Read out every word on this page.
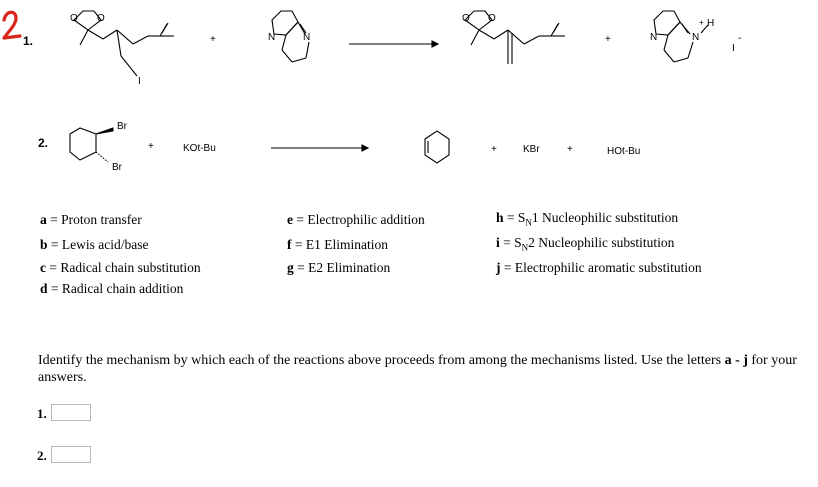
1.
O O
I
+	N	N
O O
+	N	N
+ H
I
-
2.
Br
Br
+	KOt-Bu	+	KBr	+	HOt-Bu
a = Proton transfer
b = Lewis acid/base
c = Radical chain substitution
d = Radical chain addition
e = Electrophilic addition
f = E1 Elimination
g = E2 Elimination
$h = S_N1$ Nucleophilic substitution
$i = S_N2$ Nucleophilic substitution
j = Electrophilic aromatic substitution
Identify the mechanism by which each of the reactions above proceeds from among the mechanisms listed. Use the letters a - j for your answers.
1.
2.
